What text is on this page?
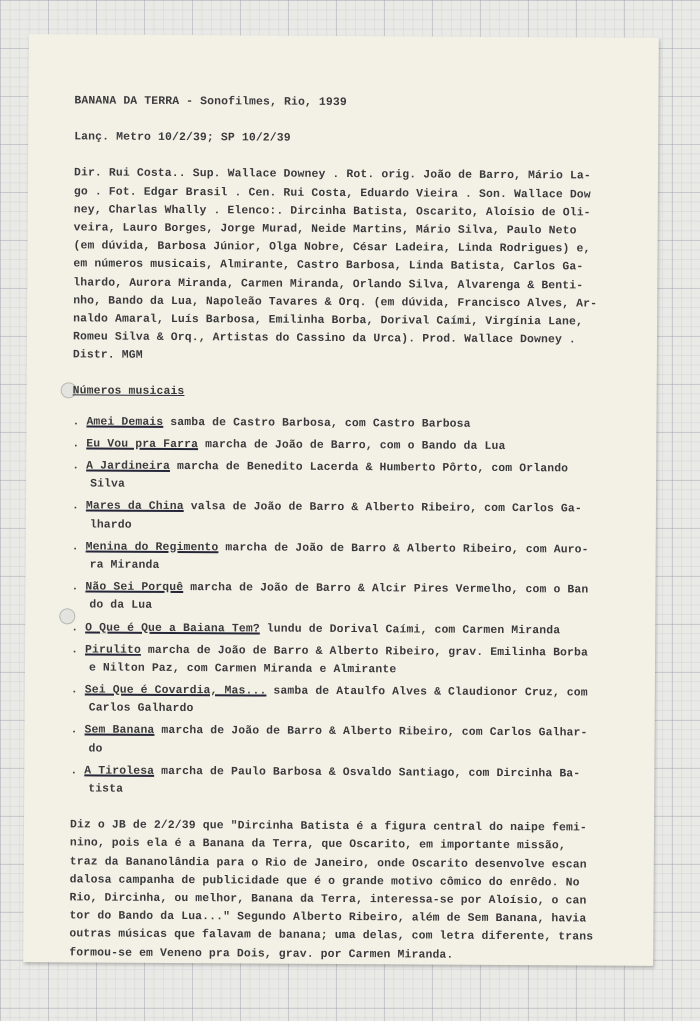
BANANA DA TERRA - Sonofilmes, Rio, 1939
Lanç. Metro 10/2/39; SP 10/2/39
Dir. Rui Costa.. Sup. Wallace Downey . Rot. orig. João de Barro, Mário La-
go . Fot. Edgar Brasil . Cen. Rui Costa, Eduardo Vieira . Son. Wallace Dow
ney, Charlas Whally . Elenco:. Dircinha Batista, Oscarito, Aloísio de Oli-
veira, Lauro Borges, Jorge Murad, Neide Martins, Mário Silva, Paulo Neto
(em dúvida, Barbosa Júnior, Olga Nobre, César Ladeira, Linda Rodrigues) e,
em números musicais, Almirante, Castro Barbosa, Linda Batista, Carlos Ga-
lhardo, Aurora Miranda, Carmen Miranda, Orlando Silva, Alvarenga & Benti-
nho, Bando da Lua, Napoleão Tavares & Orq. (em dúvida, Francisco Alves, Ar-
naldo Amaral, Luís Barbosa, Emilinha Borba, Dorival Caími, Virgínia Lane,
Romeu Silva & Orq., Artistas do Cassino da Urca). Prod. Wallace Downey .
Distr. MGM
Números musicais
. Amei Demais samba de Castro Barbosa, com Castro Barbosa
. Eu Vou pra Farra marcha de João de Barro, com o Bando da Lua
. A Jardineira marcha de Benedito Lacerda & Humberto Pôrto, com Orlando
Silva
. Mares da China valsa de João de Barro & Alberto Ribeiro, com Carlos Ga-
lhardo
. Menina do Regimento marcha de João de Barro & Alberto Ribeiro, com Auro-
ra Miranda
. Não Sei Porquê marcha de João de Barro & Alcir Pires Vermelho, com o Ban
do da Lua
. O Que é Que a Baiana Tem? lundu de Dorival Caími, com Carmen Miranda
. Pirulito marcha de João de Barro & Alberto Ribeiro, grav. Emilinha Borba
e Nilton Paz, com Carmen Miranda e Almirante
. Sei Que é Covardia, Mas... samba de Ataulfo Alves & Claudionor Cruz, com
Carlos Galhardo
. Sem Banana marcha de João de Barro & Alberto Ribeiro, com Carlos Galhar-
do
. A Tirolesa marcha de Paulo Barbosa & Osvaldo Santiago, com Dircinha Ba-
tista
Diz o JB de 2/2/39 que "Dircinha Batista é a figura central do naipe femi-
nino, pois ela é a Banana da Terra, que Oscarito, em importante missão,
traz da Bananolândia para o Rio de Janeiro, onde Oscarito desenvolve escan
dalosa campanha de publicidade que é o grande motivo cômico do enrêdo. No
Rio, Dircinha, ou melhor, Banana da Terra, interessa-se por Aloísio, o can
tor do Bando da Lua..." Segundo Alberto Ribeiro, além de Sem Banana, havia
outras músicas que falavam de banana; uma delas, com letra diferente, trans
formou-se em Veneno pra Dois, grav. por Carmen Miranda.
